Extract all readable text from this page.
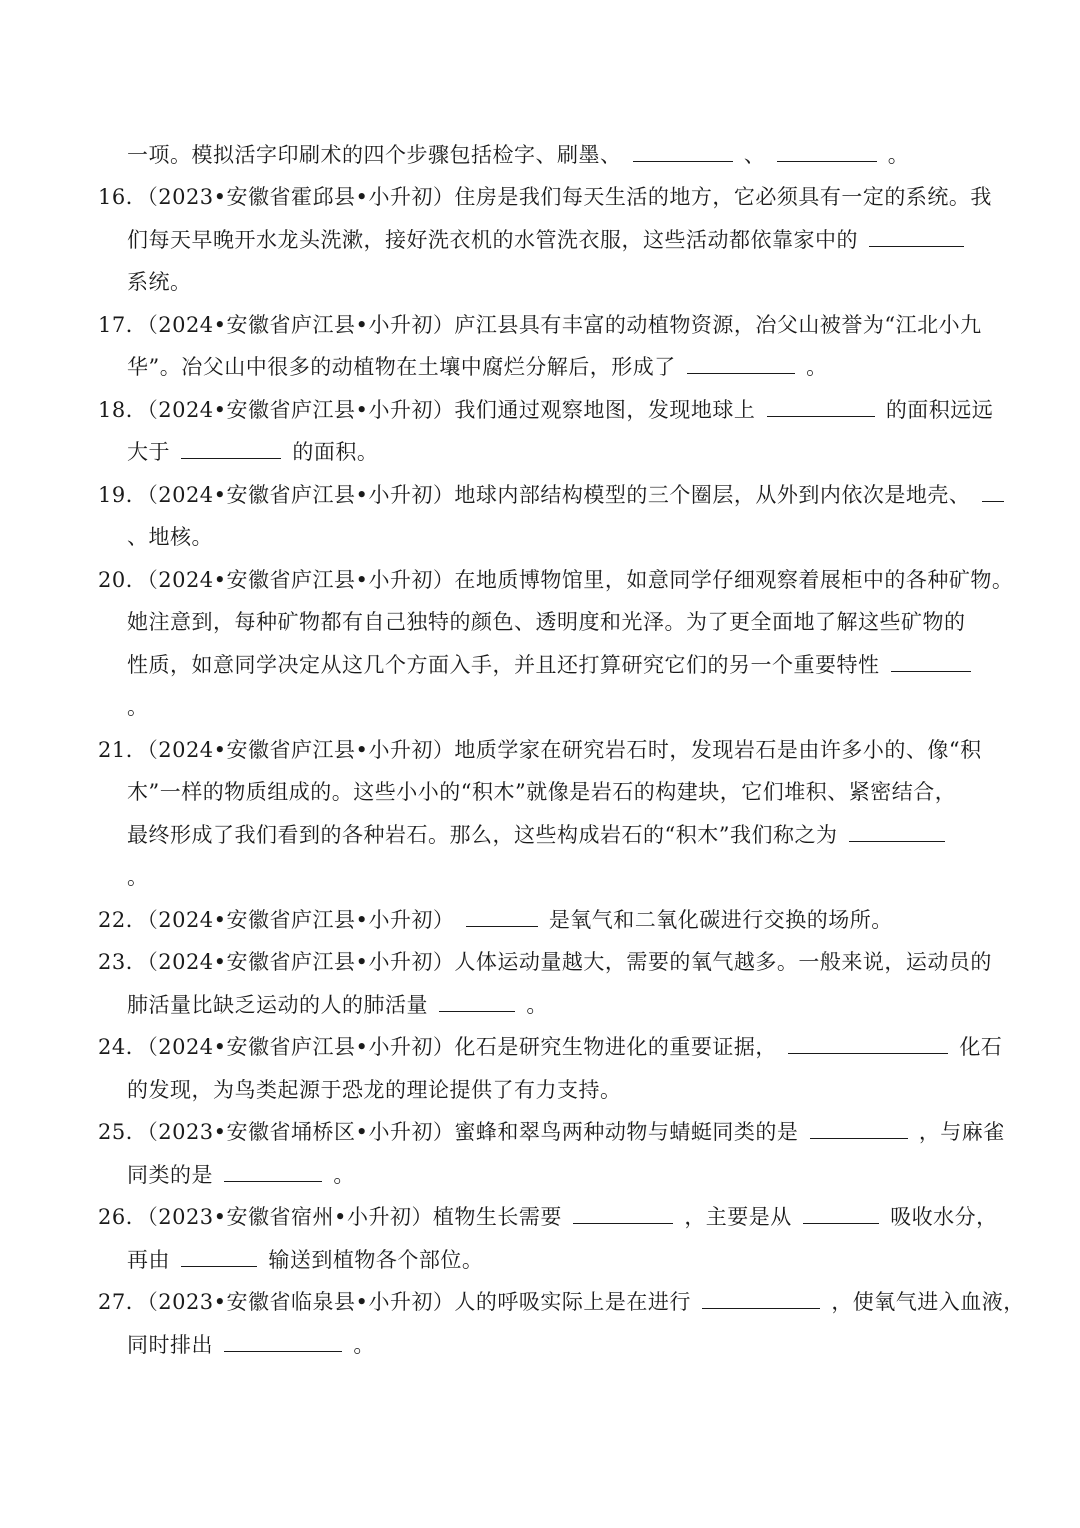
一项。模拟活字印刷术的四个步骤包括检字、刷墨、	、	。
16．（2023•安徽省霍邱县•小升初）住房是我们每天生活的地方，它必须具有一定的系统。我
们每天早晚开水龙头洗漱，接好洗衣机的水管洗衣服，这些活动都依靠家中的
系统。
17．（2024•安徽省庐江县•小升初）庐江县具有丰富的动植物资源，冶父山被誉为“江北小九
华”。冶父山中很多的动植物在土壤中腐烂分解后，形成了	。
18．（2024•安徽省庐江县•小升初）我们通过观察地图，发现地球上	的面积远远
大于	的面积。
19．（2024•安徽省庐江县•小升初）地球内部结构模型的三个圈层，从外到内依次是地壳、
、地核。
20．（2024•安徽省庐江县•小升初）在地质博物馆里，如意同学仔细观察着展柜中的各种矿物。
她注意到，每种矿物都有自己独特的颜色、透明度和光泽。为了更全面地了解这些矿物的
性质，如意同学决定从这几个方面入手，并且还打算研究它们的另一个重要特性
。
21．（2024•安徽省庐江县•小升初）地质学家在研究岩石时，发现岩石是由许多小的、像“积
木”一样的物质组成的。这些小小的“积木”就像是岩石的构建块，它们堆积、紧密结合，
最终形成了我们看到的各种岩石。那么，这些构成岩石的“积木”我们称之为
。
22．（2024•安徽省庐江县•小升初）	是氧气和二氧化碳进行交换的场所。
23．（2024•安徽省庐江县•小升初）人体运动量越大，需要的氧气越多。一般来说，运动员的
肺活量比缺乏运动的人的肺活量	。
24．（2024•安徽省庐江县•小升初）化石是研究生物进化的重要证据，	化石
的发现，为鸟类起源于恐龙的理论提供了有力支持。
25．（2023•安徽省埇桥区•小升初）蜜蜂和翠鸟两种动物与蜻蜓同类的是	，与麻雀
同类的是	。
26．（2023•安徽省宿州•小升初）植物生长需要	，主要是从	吸收水分，
再由	输送到植物各个部位。
27．（2023•安徽省临泉县•小升初）人的呼吸实际上是在进行	，使氧气进入血液，
同时排出	。
